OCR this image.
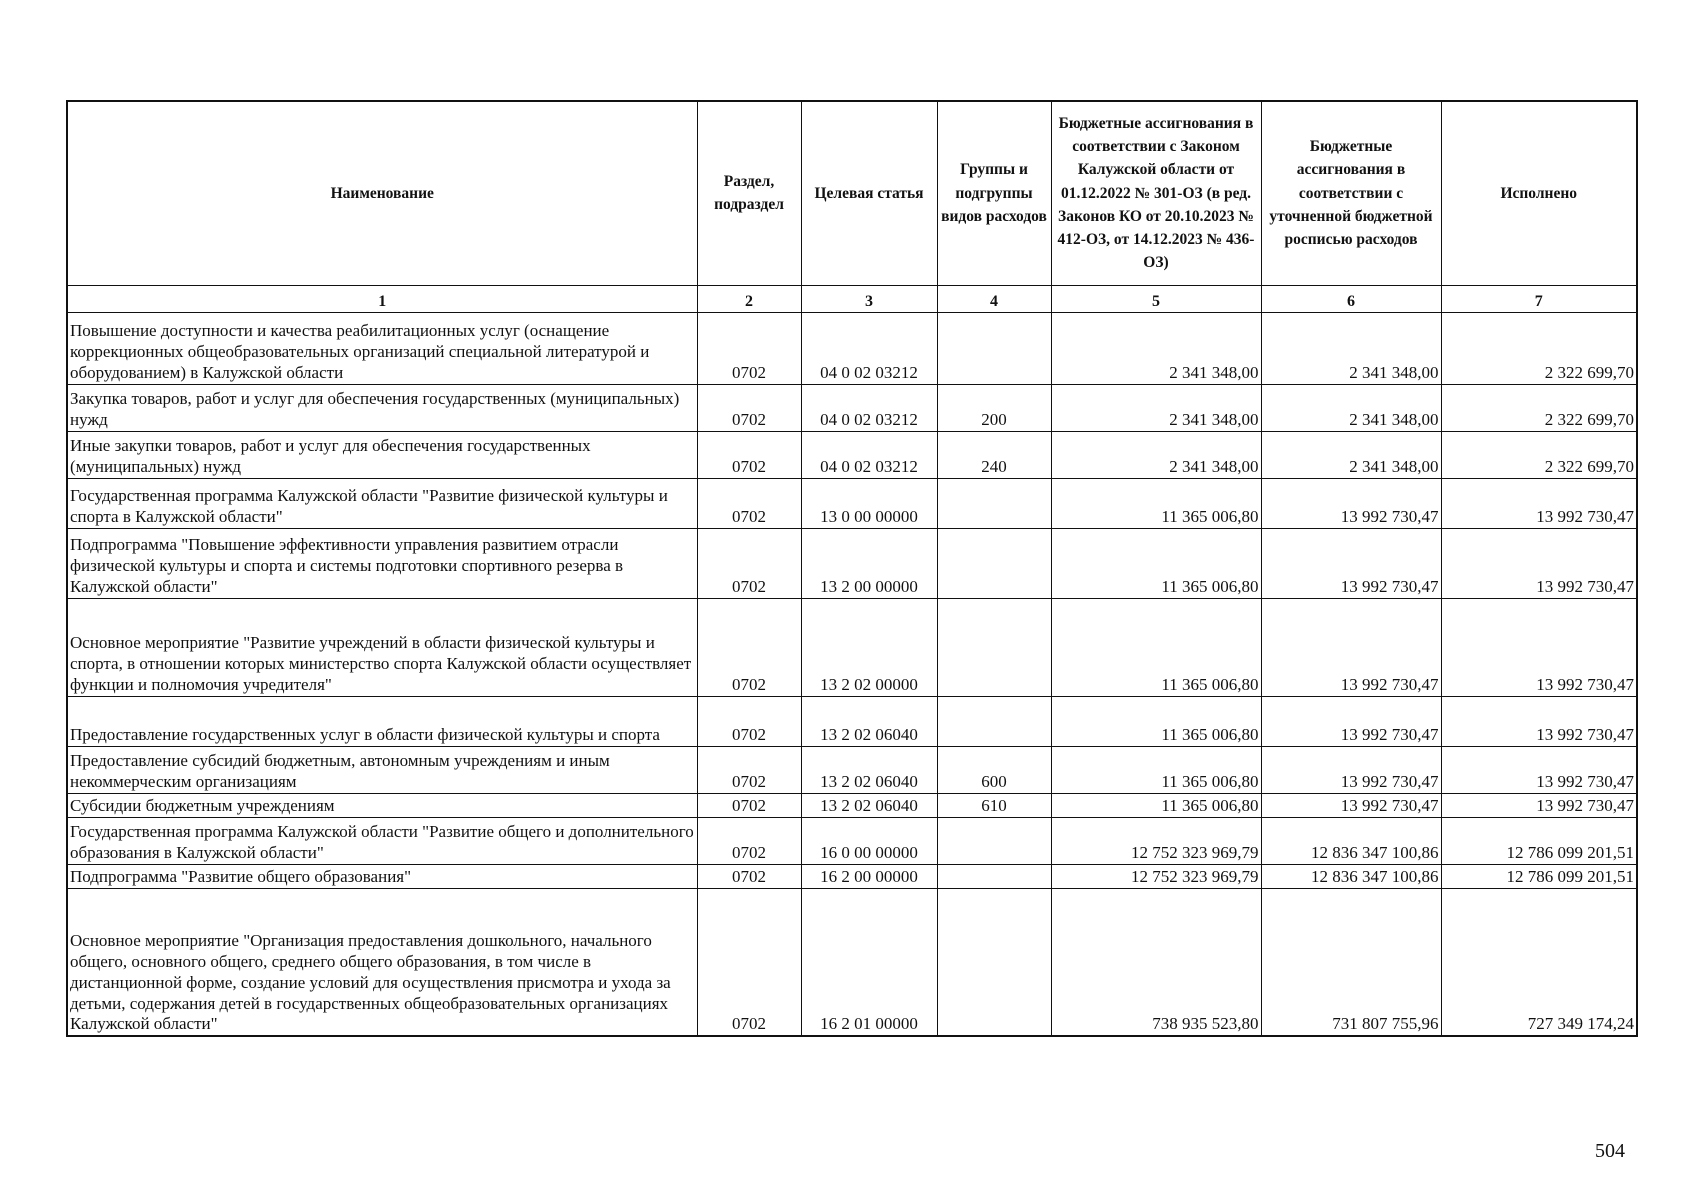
Наименование	Раздел, подраздел	Целевая статья	Группы и подгруппы видов расходов	Бюджетные ассигнования в соответствии с Законом Калужской области от 01.12.2022 № 301-ОЗ (в ред. Законов КО от 20.10.2023 № 412-ОЗ, от 14.12.2023 № 436-ОЗ)	Бюджетные ассигнования в соответствии с уточненной бюджетной росписью расходов	Исполнено
1	2	3	4	5	6	7
Повышение доступности и качества реабилитационных услуг (оснащение коррекционных общеобразовательных организаций специальной литературой и оборудованием) в Калужской области	0702	04 0 02 03212		2 341 348,00	2 341 348,00	2 322 699,70
Закупка товаров, работ и услуг для обеспечения государственных (муниципальных) нужд	0702	04 0 02 03212	200	2 341 348,00	2 341 348,00	2 322 699,70
Иные закупки товаров, работ и услуг для обеспечения государственных (муниципальных) нужд	0702	04 0 02 03212	240	2 341 348,00	2 341 348,00	2 322 699,70
Государственная программа Калужской области "Развитие физической культуры и спорта в Калужской области"	0702	13 0 00 00000		11 365 006,80	13 992 730,47	13 992 730,47
Подпрограмма "Повышение эффективности управления развитием отрасли физической культуры и спорта и системы подготовки спортивного резерва в Калужской области"	0702	13 2 00 00000		11 365 006,80	13 992 730,47	13 992 730,47
Основное мероприятие "Развитие учреждений в области физической культуры и спорта, в отношении которых министерство спорта Калужской области осуществляет функции и полномочия учредителя"	0702	13 2 02 00000		11 365 006,80	13 992 730,47	13 992 730,47
Предоставление государственных услуг в области физической культуры и спорта	0702	13 2 02 06040		11 365 006,80	13 992 730,47	13 992 730,47
Предоставление субсидий бюджетным, автономным учреждениям и иным некоммерческим организациям	0702	13 2 02 06040	600	11 365 006,80	13 992 730,47	13 992 730,47
Субсидии бюджетным учреждениям	0702	13 2 02 06040	610	11 365 006,80	13 992 730,47	13 992 730,47
Государственная программа Калужской области "Развитие общего и дополнительного образования в Калужской области"	0702	16 0 00 00000		12 752 323 969,79	12 836 347 100,86	12 786 099 201,51
Подпрограмма "Развитие общего образования"	0702	16 2 00 00000		12 752 323 969,79	12 836 347 100,86	12 786 099 201,51
Основное мероприятие "Организация предоставления дошкольного, начального общего, основного общего, среднего общего образования, в том числе в дистанционной форме, создание условий для осуществления присмотра и ухода за детьми, содержания детей в государственных общеобразовательных организациях Калужской области"	0702	16 2 01 00000		738 935 523,80	731 807 755,96	727 349 174,24
504
